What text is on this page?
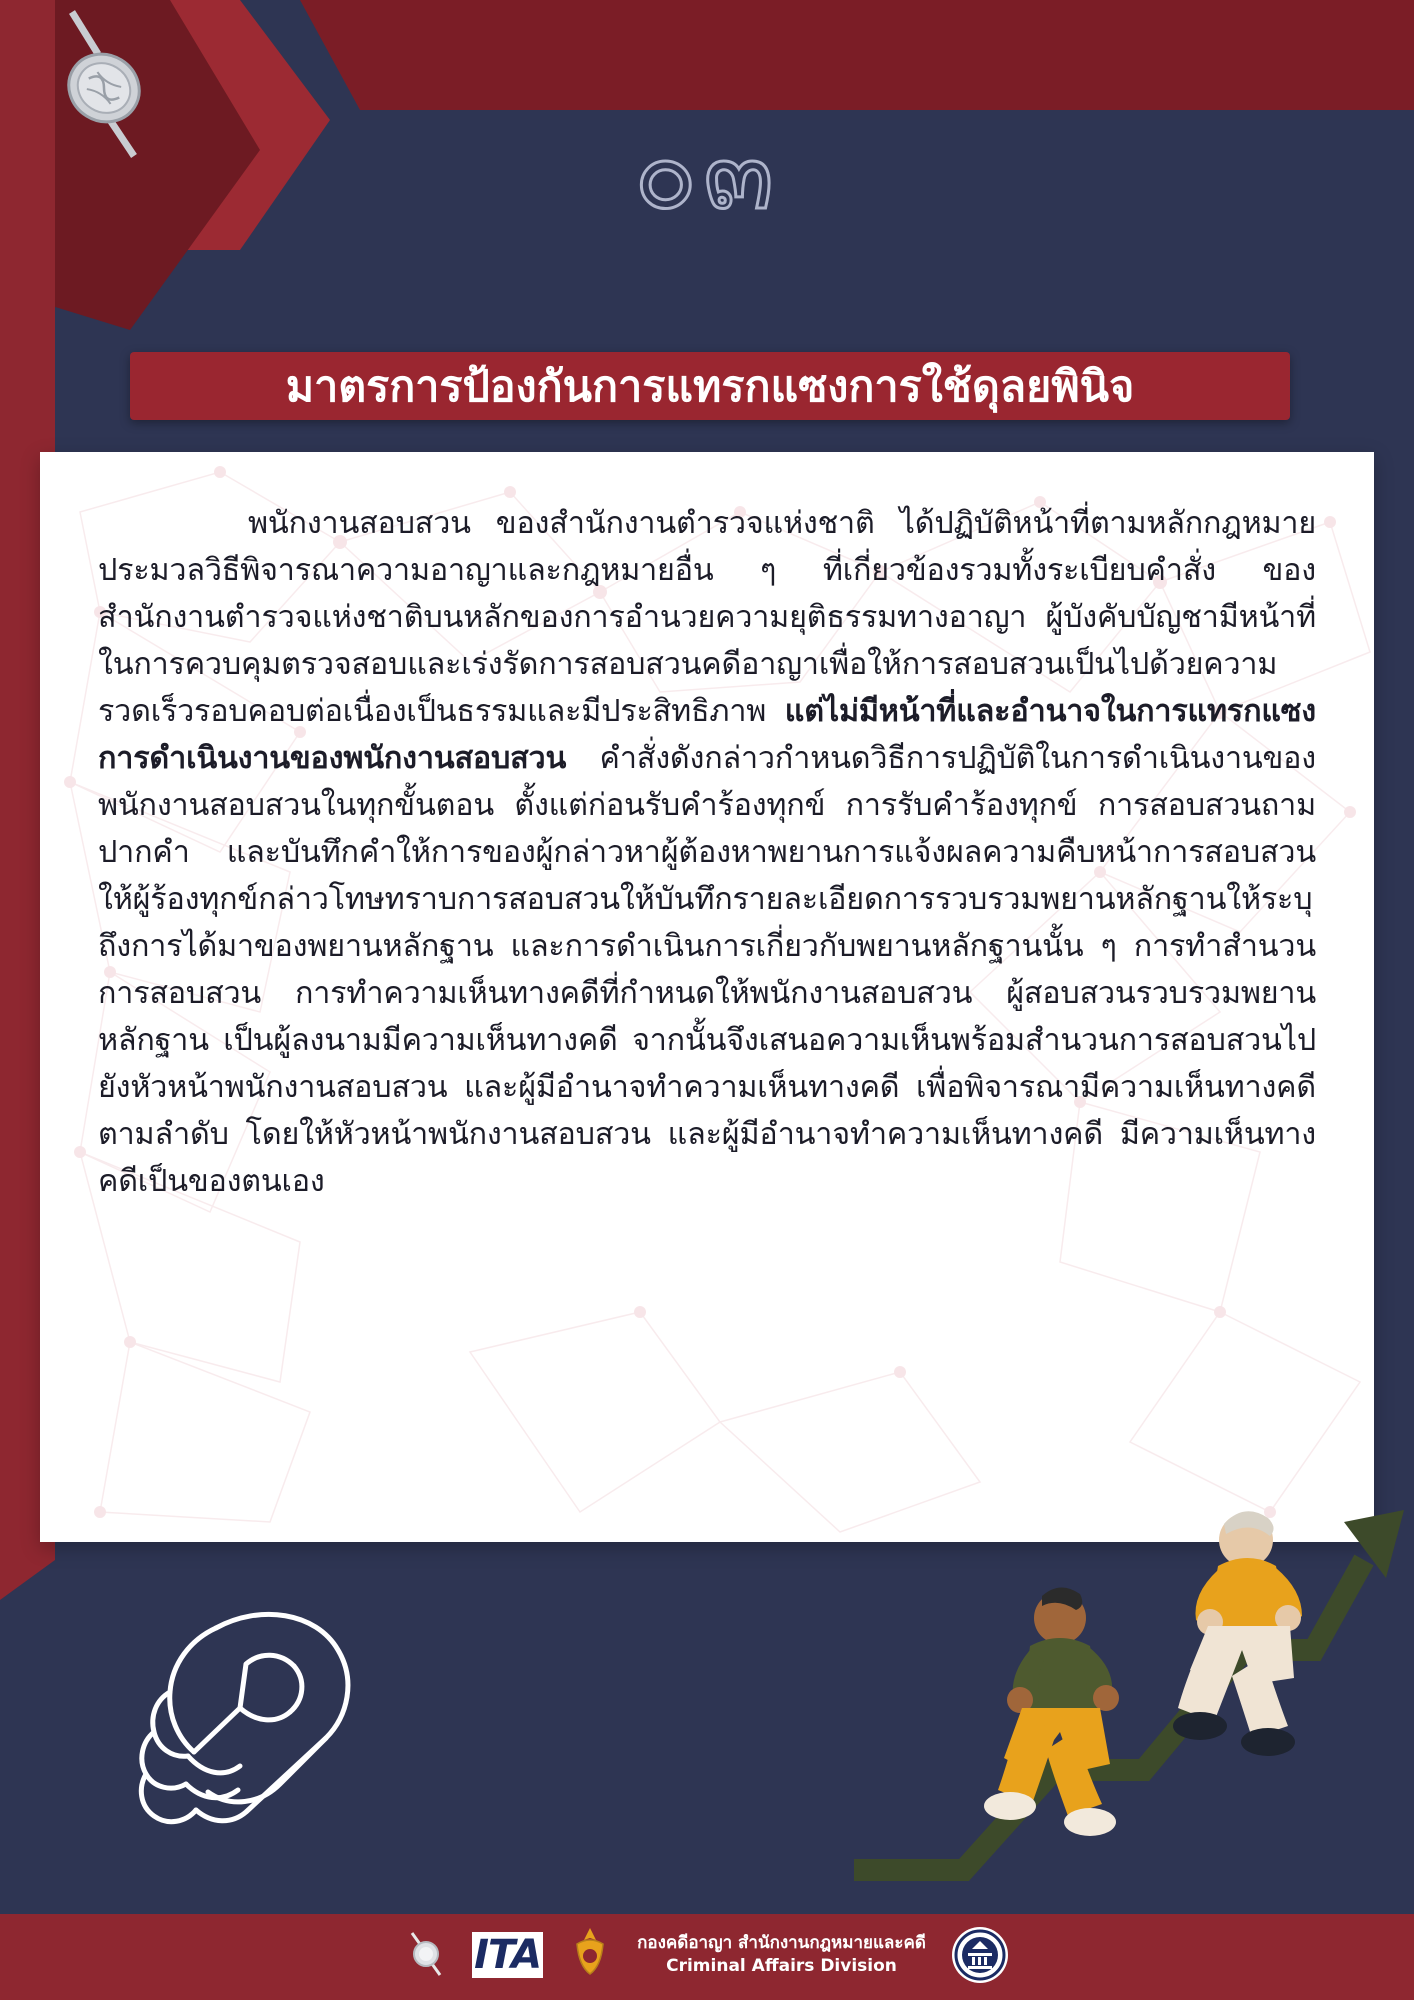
๐๓
มาตรการป้องกันการแทรกแซงการใช้ดุลยพินิจ

พนักงานสอบสวน ของสำนักงานตำรวจแห่งชาติ ได้ปฏิบัติหน้าที่ตามหลักกฎหมายประมวลวิธีพิจารณาความอาญาและกฎหมายอื่น ๆ ที่เกี่ยวข้องรวมทั้งระเบียบคำสั่ง ของสำนักงานตำรวจแห่งชาติบนหลักของการอำนวยความยุติธรรมทางอาญา ผู้บังคับบัญชามีหน้าที่ในการควบคุมตรวจสอบและเร่งรัดการสอบสวนคดีอาญาเพื่อให้การสอบสวนเป็นไปด้วยความรวดเร็วรอบคอบต่อเนื่องเป็นธรรมและมีประสิทธิภาพ แต่ไม่มีหน้าที่และอำนาจในการแทรกแซงการดำเนินงานของพนักงานสอบสวน คำสั่งดังกล่าวกำหนดวิธีการปฏิบัติในการดำเนินงานของพนักงานสอบสวนในทุกขั้นตอน ตั้งแต่ก่อนรับคำร้องทุกข์ การรับคำร้องทุกข์ การสอบสวนถามปากคำ และบันทึกคำให้การของผู้กล่าวหาผู้ต้องหาพยานการแจ้งผลความคืบหน้าการสอบสวนให้ผู้ร้องทุกข์กล่าวโทษทราบการสอบสวนให้บันทึกรายละเอียดการรวบรวมพยานหลักฐานให้ระบุถึงการได้มาของพยานหลักฐาน และการดำเนินการเกี่ยวกับพยานหลักฐานนั้น ๆ การทำสำนวนการสอบสวน การทำความเห็นทางคดีที่กำหนดให้พนักงานสอบสวน ผู้สอบสวนรวบรวมพยานหลักฐาน เป็นผู้ลงนามมีความเห็นทางคดี จากนั้นจึงเสนอความเห็นพร้อมสำนวนการสอบสวนไปยังหัวหน้าพนักงานสอบสวน และผู้มีอำนาจทำความเห็นทางคดี เพื่อพิจารณามีความเห็นทางคดีตามลำดับ โดยให้หัวหน้าพนักงานสอบสวน และผู้มีอำนาจทำความเห็นทางคดี มีความเห็นทางคดีเป็นของตนเอง

ITA	กองคดีอาญา สำนักงานกฎหมายและคดี
Criminal Affairs Division
